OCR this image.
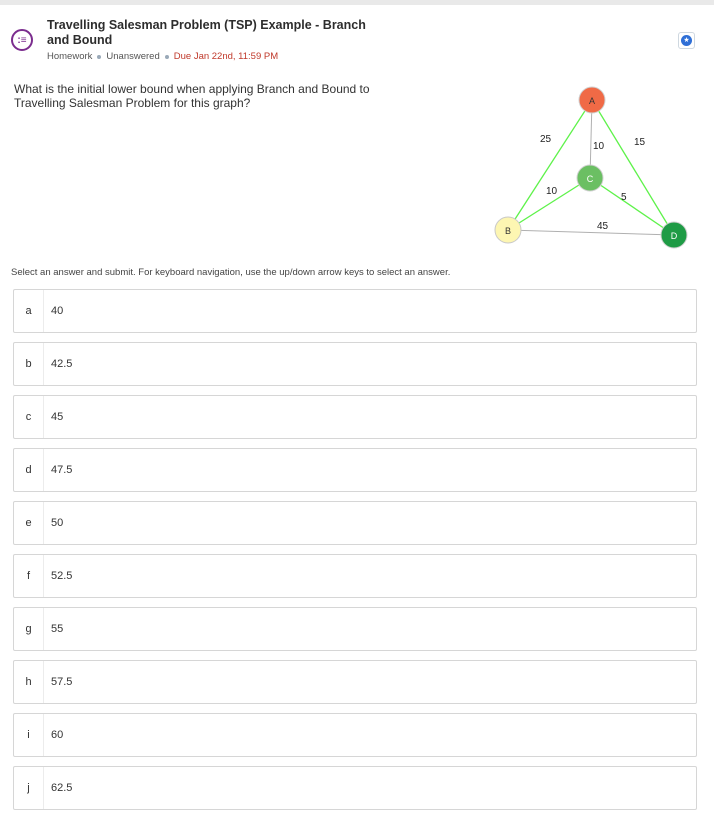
:≡
Travelling Salesman Problem (TSP) Example - Branch and Bound
Homework Unanswered Due Jan 22nd, 11:59 PM
★
What is the initial lower bound when applying Branch and Bound to Travelling Salesman Problem for this graph?
25
10	15
10
5
45
A
B
C
D
Select an answer and submit. For keyboard navigation, use the up/down arrow keys to select an answer.
a	40
b	42.5
c	45
d	47.5
e	50
f	52.5
g	55
h	57.5
i	60
j	62.5
